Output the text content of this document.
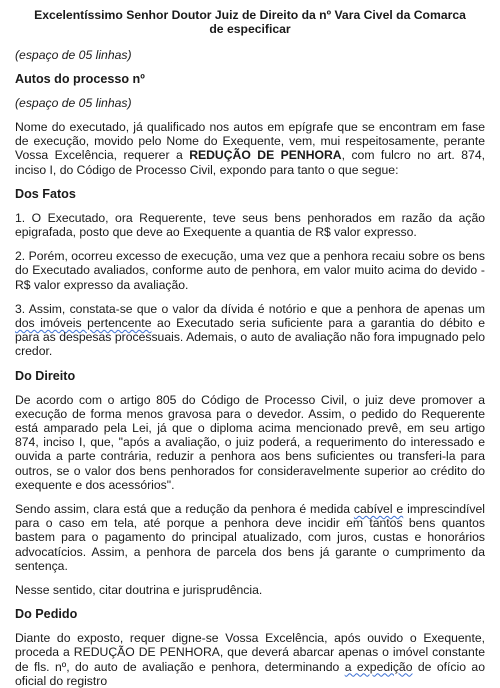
Excelentíssimo Senhor Doutor Juiz de Direito da nº Vara Civel da Comarca
de especificar

(espaço de 05 linhas)

Autos do processo nº

(espaço de 05 linhas)

Nome do executado, já qualificado nos autos em epígrafe que se encontram em fase de execução, movido pelo Nome do Exequente, vem, mui respeitosamente, perante Vossa Excelência, requerer a REDUÇÃO DE PENHORA, com fulcro no art. 874, inciso I, do Código de Processo Civil, expondo para tanto o que segue:

Dos Fatos

1. O Executado, ora Requerente, teve seus bens penhorados em razão da ação epigrafada, posto que deve ao Exequente a quantia de R$ valor expresso.

2. Porém, ocorreu excesso de execução, uma vez que a penhora recaiu sobre os bens do Executado avaliados, conforme auto de penhora, em valor muito acima do devido - R$ valor expresso da avaliação.

3. Assim, constata-se que o valor da dívida é notório e que a penhora de apenas um dos imóveis pertencente ao Executado seria suficiente para a garantia do débito e para as despesas processuais. Ademais, o auto de avaliação não fora impugnado pelo credor.

Do Direito

De acordo com o artigo 805 do Código de Processo Civil, o juiz deve promover a execução de forma menos gravosa para o devedor. Assim, o pedido do Requerente está amparado pela Lei, já que o diploma acima mencionado prevê, em seu artigo 874, inciso I, que, "após a avaliação, o juiz poderá, a requerimento do interessado e ouvida a parte contrária, reduzir a penhora aos bens suficientes ou transferi-la para outros, se o valor dos bens penhorados for consideravelmente superior ao crédito do exequente e dos acessórios".

Sendo assim, clara está que a redução da penhora é medida cabível e imprescindível para o caso em tela, até porque a penhora deve incidir em tantos bens quantos bastem para o pagamento do principal atualizado, com juros, custas e honorários advocatícios. Assim, a penhora de parcela dos bens já garante o cumprimento da sentença.

Nesse sentido, citar doutrina e jurisprudência.

Do Pedido

Diante do exposto, requer digne-se Vossa Excelência, após ouvido o Exequente, proceda a REDUÇÃO DE PENHORA, que deverá abarcar apenas o imóvel constante de fls. nº, do auto de avaliação e penhora, determinando a expedição de ofício ao oficial do registro
